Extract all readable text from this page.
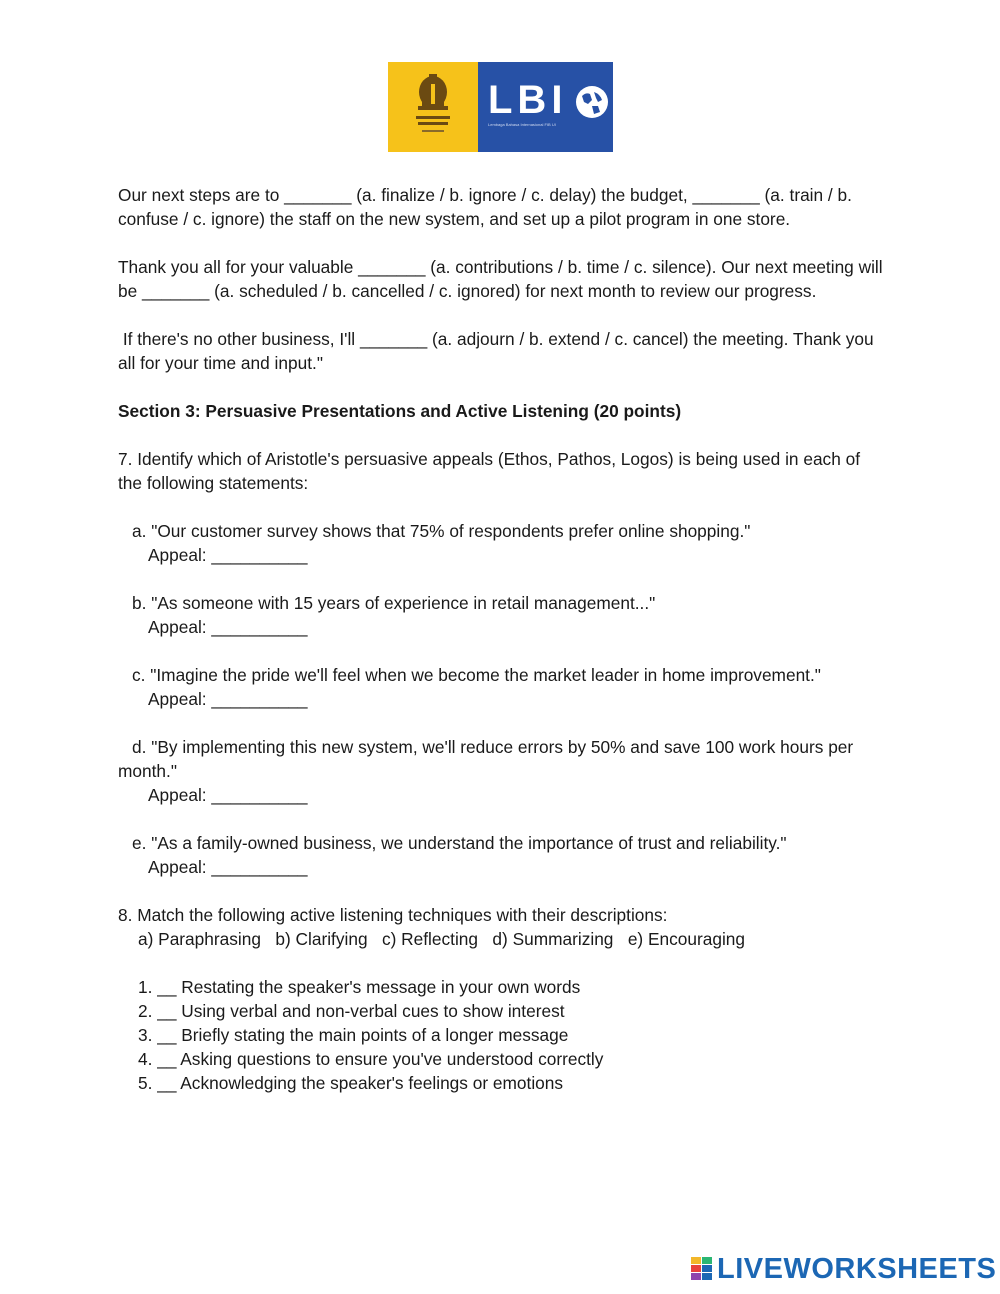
LBI
Lembaga Bahasa Internasional FIB UI

Our next steps are to _______ (a. finalize / b. ignore / c. delay) the budget, _______ (a. train / b. confuse / c. ignore) the staff on the new system, and set up a pilot program in one store.

Thank you all for your valuable _______ (a. contributions / b. time / c. silence). Our next meeting will be _______ (a. scheduled / b. cancelled / c. ignored) for next month to review our progress.

If there's no other business, I'll _______ (a. adjourn / b. extend / c. cancel) the meeting. Thank you all for your time and input."

Section 3: Persuasive Presentations and Active Listening (20 points)

7. Identify which of Aristotle's persuasive appeals (Ethos, Pathos, Logos) is being used in each of the following statements:

a. "Our customer survey shows that 75% of respondents prefer online shopping."
Appeal: __________
b. "As someone with 15 years of experience in retail management..."
Appeal: __________
c. "Imagine the pride we'll feel when we become the market leader in home improvement."
Appeal: __________
d. "By implementing this new system, we'll reduce errors by 50% and save 100 work hours per month."
Appeal: __________
e. "As a family-owned business, we understand the importance of trust and reliability."
Appeal: __________
8. Match the following active listening techniques with their descriptions:
a) Paraphrasing   b) Clarifying   c) Reflecting   d) Summarizing   e) Encouraging
1. __ Restating the speaker's message in your own words
2. __ Using verbal and non-verbal cues to show interest
3. __ Briefly stating the main points of a longer message
4. __ Asking questions to ensure you've understood correctly
5. __ Acknowledging the speaker's feelings or emotions
LIVEWORKSHEETS
